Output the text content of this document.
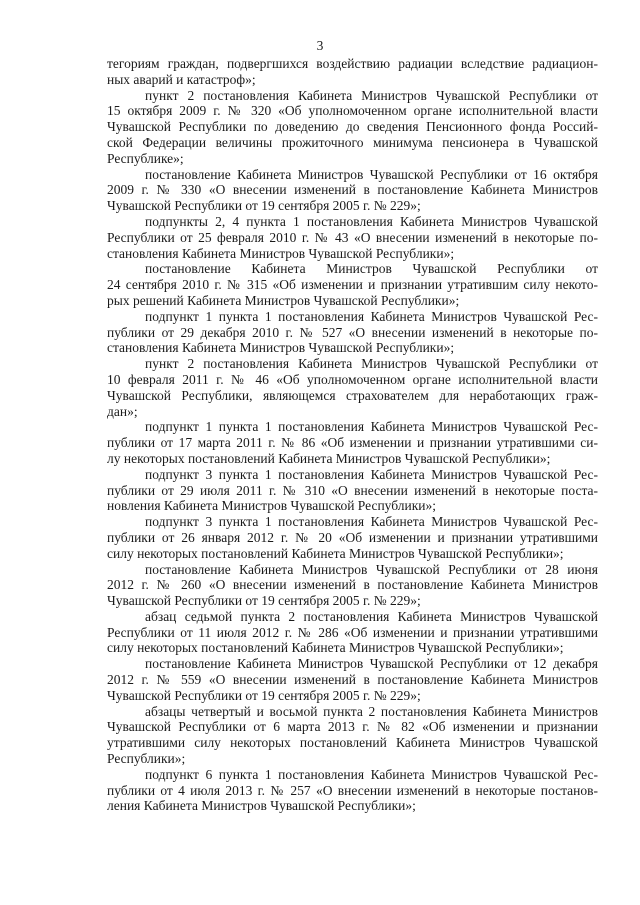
3
тегориям граждан, подвергшихся воздействию радиации вследствие радиацион-
ных аварий и катастроф»;
пункт 2 постановления Кабинета Министров Чувашской Республики от
15 октября 2009 г. № 320 «Об уполномоченном органе исполнительной власти
Чувашской Республики по доведению до сведения Пенсионного фонда Россий-
ской Федерации величины прожиточного минимума пенсионера в Чувашской
Республике»;
постановление Кабинета Министров Чувашской Республики от 16 октября
2009 г. № 330 «О внесении изменений в постановление Кабинета Министров
Чувашской Республики от 19 сентября 2005 г. № 229»;
подпункты 2, 4 пункта 1 постановления Кабинета Министров Чувашской
Республики от 25 февраля 2010 г. № 43 «О внесении изменений в некоторые по-
становления Кабинета Министров Чувашской Республики»;
постановление Кабинета Министров Чувашской Республики от
24 сентября 2010 г. № 315 «Об изменении и признании утратившим силу некото-
рых решений Кабинета Министров Чувашской Республики»;
подпункт 1 пункта 1 постановления Кабинета Министров Чувашской Рес-
публики от 29 декабря 2010 г. № 527 «О внесении изменений в некоторые по-
становления Кабинета Министров Чувашской Республики»;
пункт 2 постановления Кабинета Министров Чувашской Республики от
10 февраля 2011 г. № 46 «Об уполномоченном органе исполнительной власти
Чувашской Республики, являющемся страхователем для неработающих граж-
дан»;
подпункт 1 пункта 1 постановления Кабинета Министров Чувашской Рес-
публики от 17 марта 2011 г. № 86 «Об изменении и признании утратившими си-
лу некоторых постановлений Кабинета Министров Чувашской Республики»;
подпункт 3 пункта 1 постановления Кабинета Министров Чувашской Рес-
публики от 29 июля 2011 г. № 310 «О внесении изменений в некоторые поста-
новления Кабинета Министров Чувашской Республики»;
подпункт 3 пункта 1 постановления Кабинета Министров Чувашской Рес-
публики от 26 января 2012 г. № 20 «Об изменении и признании утратившими
силу некоторых постановлений Кабинета Министров Чувашской Республики»;
постановление Кабинета Министров Чувашской Республики от 28 июня
2012 г. № 260 «О внесении изменений в постановление Кабинета Министров
Чувашской Республики от 19 сентября 2005 г. № 229»;
абзац седьмой пункта 2 постановления Кабинета Министров Чувашской
Республики от 11 июля 2012 г. № 286 «Об изменении и признании утратившими
силу некоторых постановлений Кабинета Министров Чувашской Республики»;
постановление Кабинета Министров Чувашской Республики от 12 декабря
2012 г. № 559 «О внесении изменений в постановление Кабинета Министров
Чувашской Республики от 19 сентября 2005 г. № 229»;
абзацы четвертый и восьмой пункта 2 постановления Кабинета Министров
Чувашской Республики от 6 марта 2013 г. № 82 «Об изменении и признании
утратившими силу некоторых постановлений Кабинета Министров Чувашской
Республики»;
подпункт 6 пункта 1 постановления Кабинета Министров Чувашской Рес-
публики от 4 июля 2013 г. № 257 «О внесении изменений в некоторые постанов-
ления Кабинета Министров Чувашской Республики»;
